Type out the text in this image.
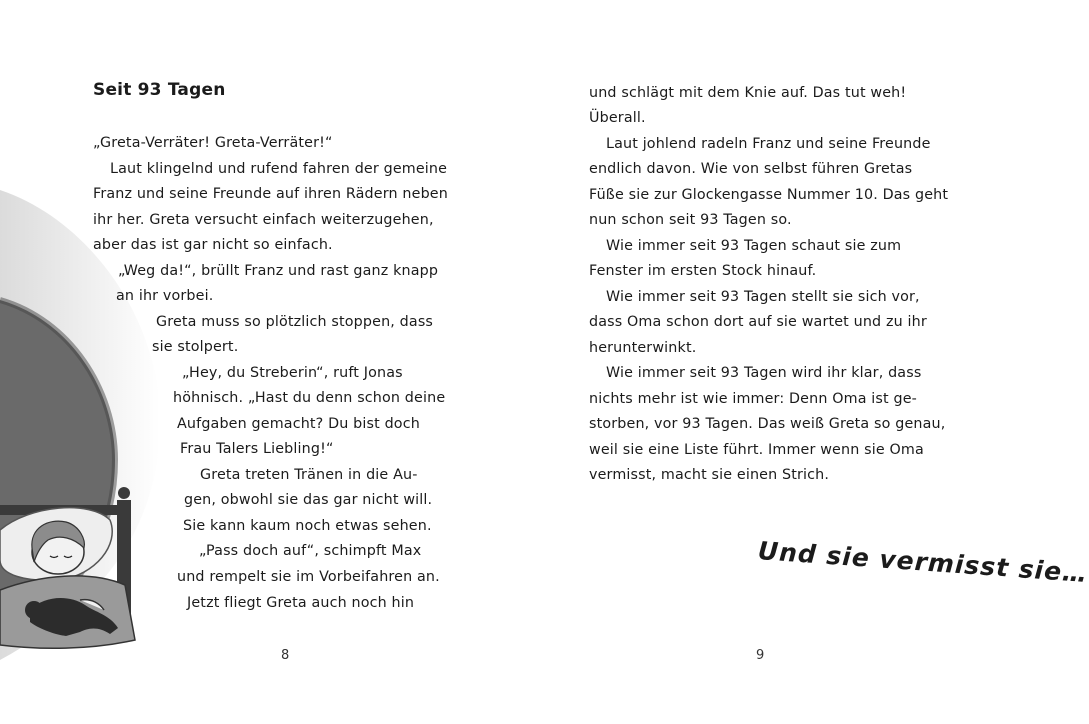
Seit 93 Tagen
„Greta-Verräter! Greta-Verräter!“
Laut klingelnd und rufend fahren der gemeine
Franz und seine Freunde auf ihren Rädern neben
ihr her. Greta versucht einfach weiterzugehen,
aber das ist gar nicht so einfach.
„Weg da!“, brüllt Franz und rast ganz knapp
an ihr vorbei.
Greta muss so plötzlich stoppen, dass
sie stolpert.
„Hey, du Streberin“, ruft Jonas
höhnisch. „Hast du denn schon deine
Aufgaben gemacht? Du bist doch
Frau Talers Liebling!“
Greta treten Tränen in die Au-
gen, obwohl sie das gar nicht will.
Sie kann kaum noch etwas sehen.
„Pass doch auf“, schimpft Max
und rempelt sie im Vorbeifahren an.
Jetzt fliegt Greta auch noch hin
8
und schlägt mit dem Knie auf. Das tut weh!
Überall.
Laut johlend radeln Franz und seine Freunde
endlich davon. Wie von selbst führen Gretas
Füße sie zur Glockengasse Nummer 10. Das geht
nun schon seit 93 Tagen so.
Wie immer seit 93 Tagen schaut sie zum
Fenster im ersten Stock hinauf.
Wie immer seit 93 Tagen stellt sie sich vor,
dass Oma schon dort auf sie wartet und zu ihr
herunterwinkt.
Wie immer seit 93 Tagen wird ihr klar, dass
nichts mehr ist wie immer: Denn Oma ist ge-
storben, vor 93 Tagen. Das weiß Greta so genau,
weil sie eine Liste führt. Immer wenn sie Oma
vermisst, macht sie einen Strich.
Und sie vermisst sie…
9
